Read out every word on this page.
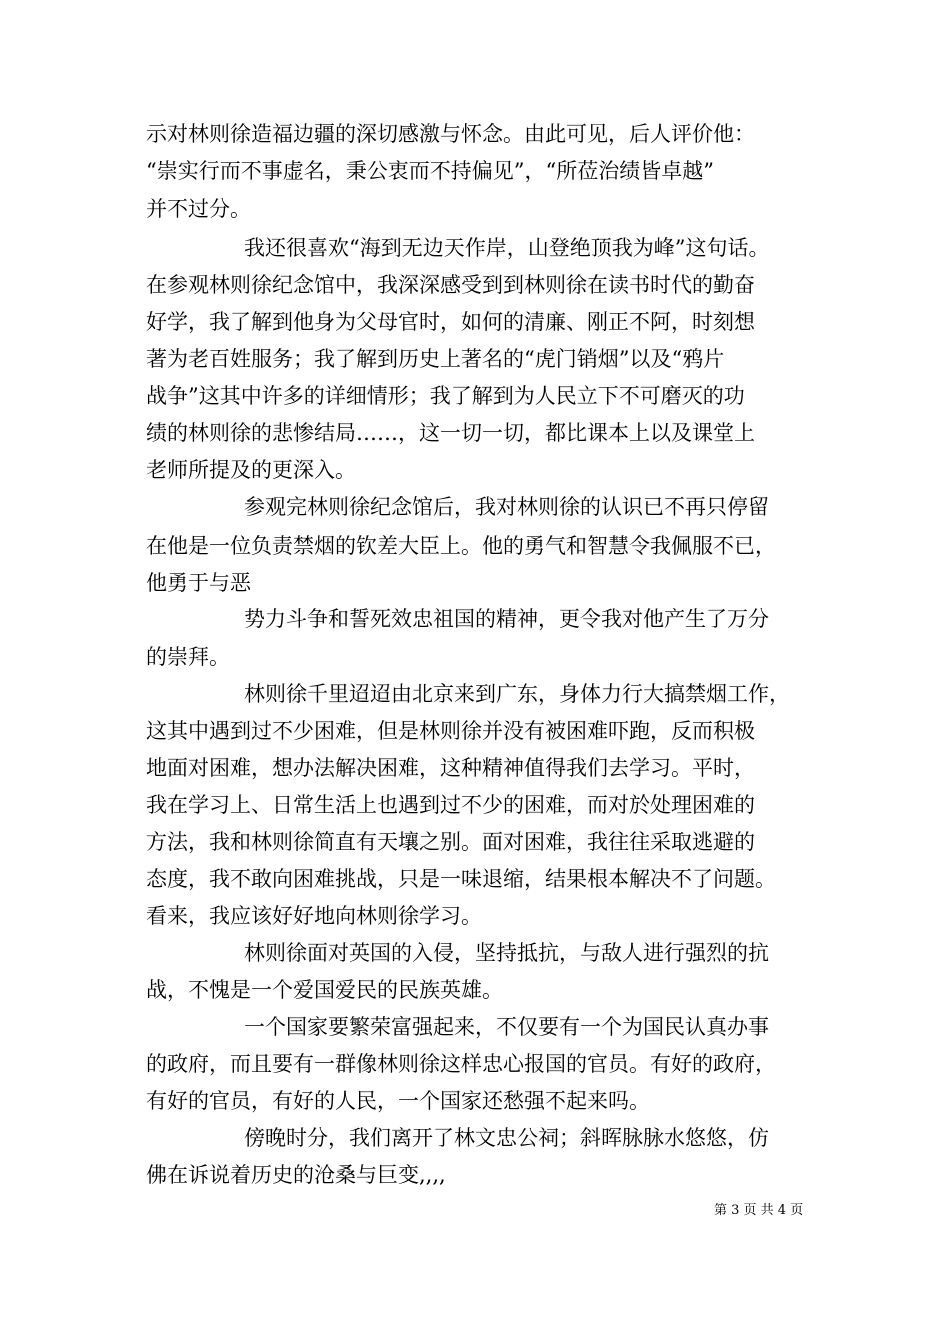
示对林则徐造福边疆的深切感激与怀念。由此可见，后人评价他：
“崇实行而不事虚名，秉公衷而不持偏见”，“所莅治绩皆卓越”
并不过分。
我还很喜欢“海到无边天作岸，山登绝顶我为峰”这句话。
在参观林则徐纪念馆中，我深深感受到到林则徐在读书时代的勤奋
好学，我了解到他身为父母官时，如何的清廉、刚正不阿，时刻想
著为老百姓服务；我了解到历史上著名的“虎门销烟”以及“鸦片
战争”这其中许多的详细情形；我了解到为人民立下不可磨灭的功
绩的林则徐的悲惨结局……，这一切一切，都比课本上以及课堂上
老师所提及的更深入。
参观完林则徐纪念馆后，我对林则徐的认识已不再只停留
在他是一位负责禁烟的钦差大臣上。他的勇气和智慧令我佩服不已，
他勇于与恶
势力斗争和誓死效忠祖国的精神，更令我对他产生了万分
的崇拜。
林则徐千里迢迢由北京来到广东，身体力行大搞禁烟工作，
这其中遇到过不少困难，但是林则徐并没有被困难吓跑，反而积极
地面对困难，想办法解决困难，这种精神值得我们去学习。平时，
我在学习上、日常生活上也遇到过不少的困难，而对於处理困难的
方法，我和林则徐简直有天壤之别。面对困难，我往往采取逃避的
态度，我不敢向困难挑战，只是一味退缩，结果根本解决不了问题。
看来，我应该好好地向林则徐学习。
林则徐面对英国的入侵，坚持抵抗，与敌人进行强烈的抗
战，不愧是一个爱国爱民的民族英雄。
一个国家要繁荣富强起来，不仅要有一个为国民认真办事
的政府，而且要有一群像林则徐这样忠心报国的官员。有好的政府，
有好的官员，有好的人民，一个国家还愁强不起来吗。
傍晚时分，我们离开了林文忠公祠；斜晖脉脉水悠悠，仿
佛在诉说着历史的沧桑与巨变,,,,
第 3 页 共 4 页
